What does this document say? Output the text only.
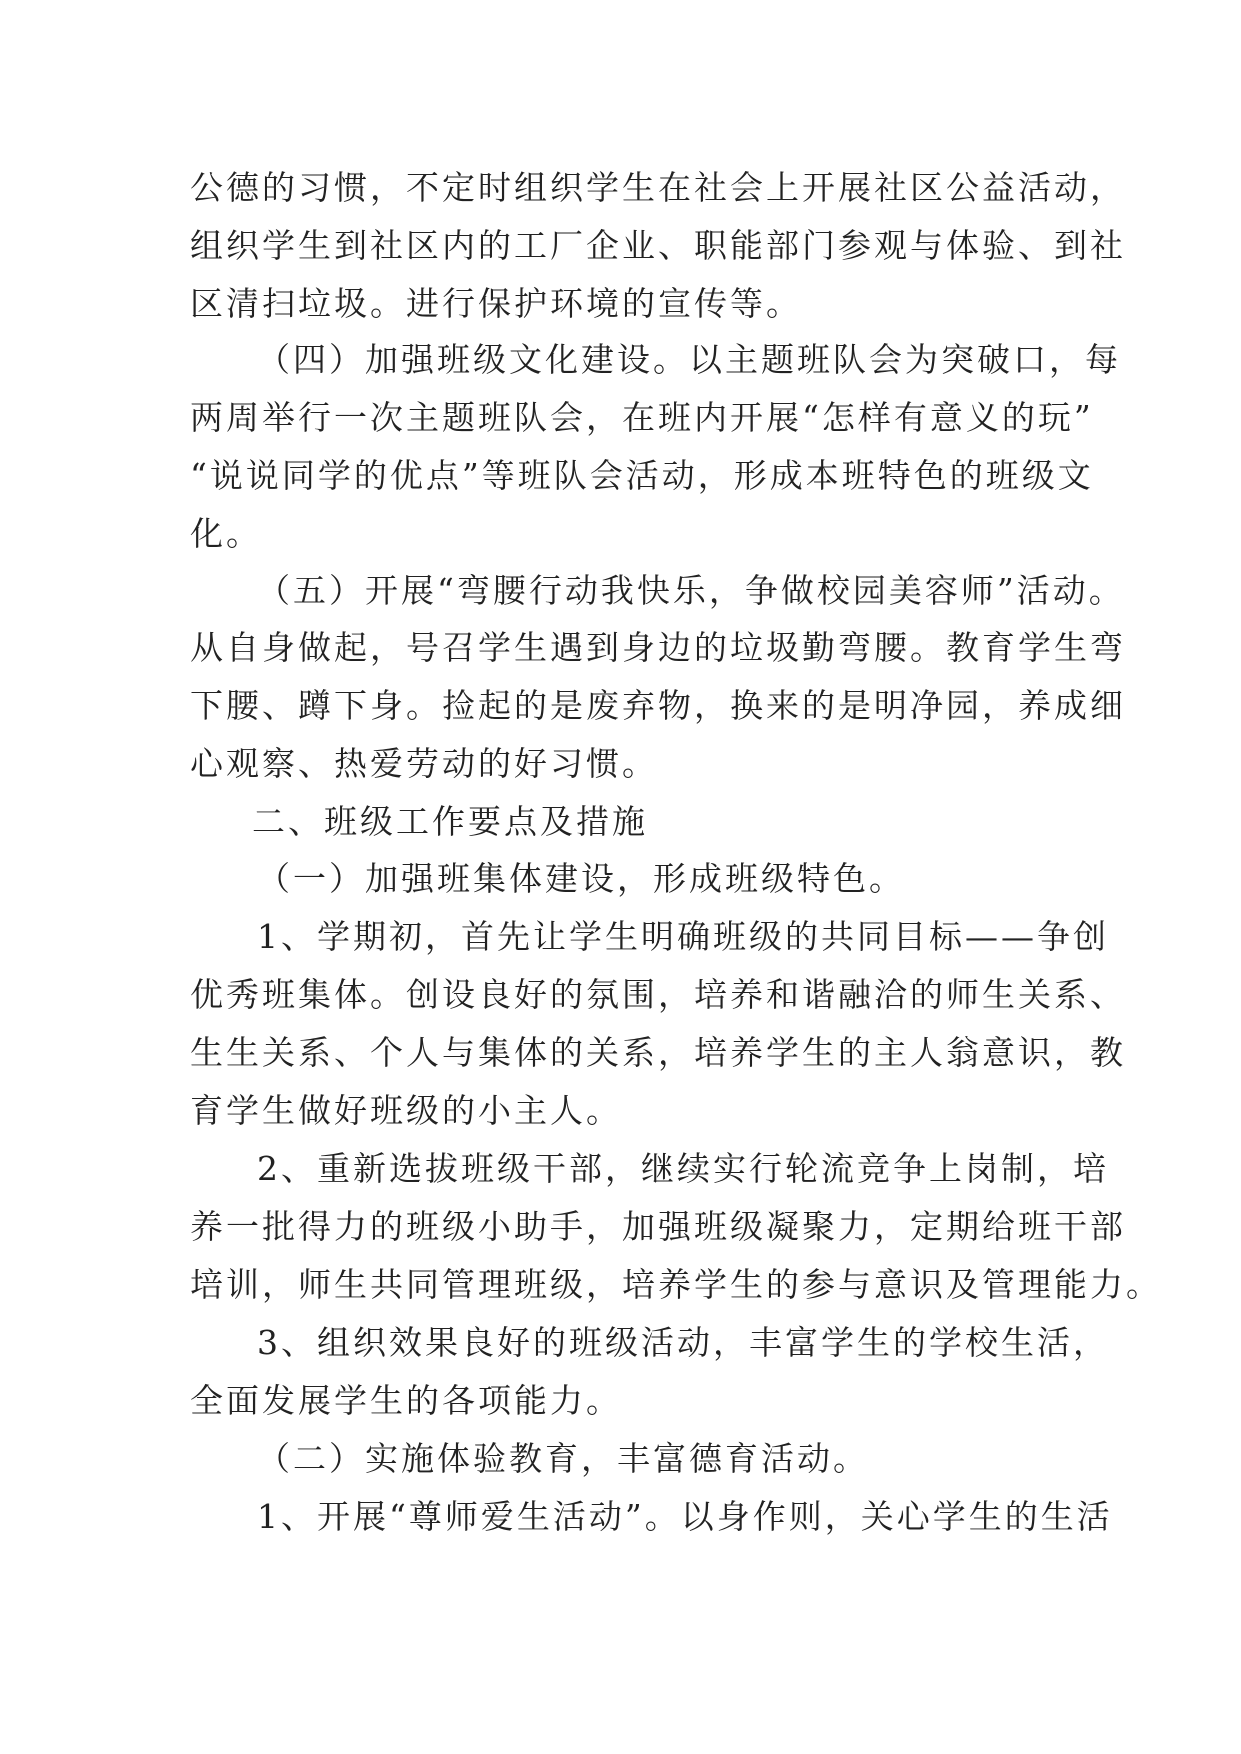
公德的习惯，不定时组织学生在社会上开展社区公益活动，
组织学生到社区内的工厂企业、职能部门参观与体验、到社
区清扫垃圾。进行保护环境的宣传等。
（四）加强班级文化建设。以主题班队会为突破口，每
两周举行一次主题班队会，在班内开展“怎样有意义的玩”
“说说同学的优点”等班队会活动，形成本班特色的班级文
化。
（五）开展“弯腰行动我快乐，争做校园美容师”活动。
从自身做起，号召学生遇到身边的垃圾勤弯腰。教育学生弯
下腰、蹲下身。捡起的是废弃物，换来的是明净园，养成细
心观察、热爱劳动的好习惯。
二、班级工作要点及措施
（一）加强班集体建设，形成班级特色。
1、学期初，首先让学生明确班级的共同目标——争创
优秀班集体。创设良好的氛围，培养和谐融洽的师生关系、
生生关系、个人与集体的关系，培养学生的主人翁意识，教
育学生做好班级的小主人。
2、重新选拔班级干部，继续实行轮流竞争上岗制，培
养一批得力的班级小助手，加强班级凝聚力，定期给班干部
培训，师生共同管理班级，培养学生的参与意识及管理能力。
3、组织效果良好的班级活动，丰富学生的学校生活，
全面发展学生的各项能力。
（二）实施体验教育，丰富德育活动。
1、开展“尊师爱生活动”。以身作则，关心学生的生活
